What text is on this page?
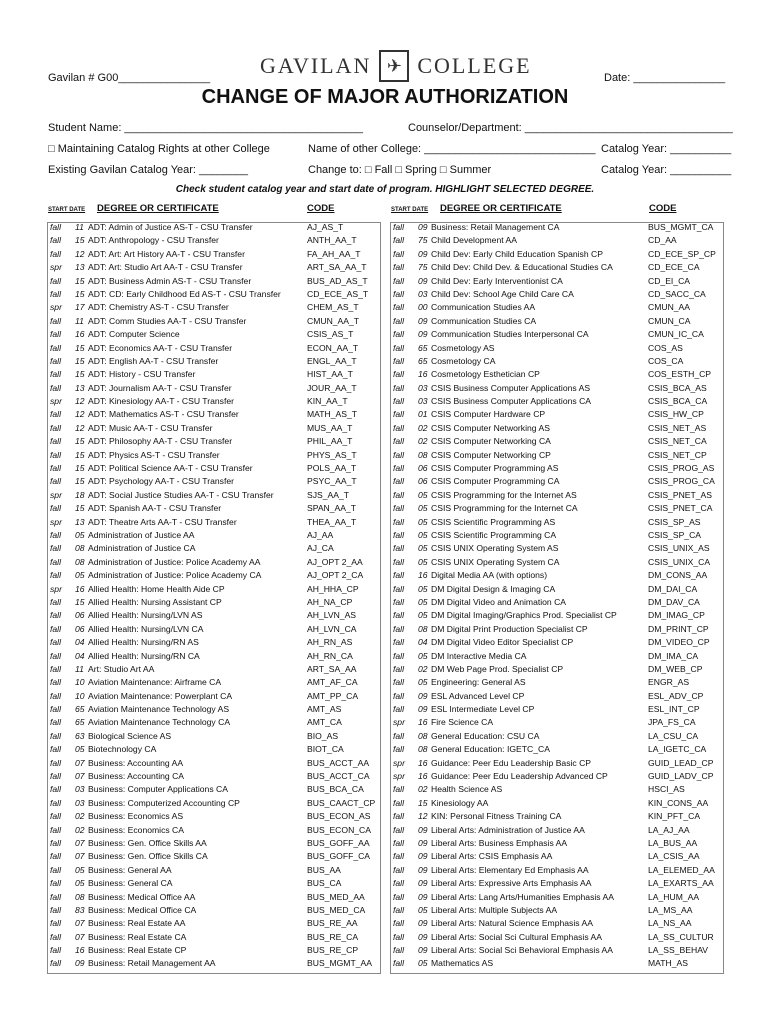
Gavilan # G00_______________ GAVILAN ✈ COLLEGE	Date: _______________
CHANGE OF MAJOR AUTHORIZATION
Student Name: _______________________________________	Counselor/Department: __________________________________
□ Maintaining Catalog Rights at other College	Name of other College: ____________________________ Catalog Year: __________
Existing Gavilan Catalog Year: ________	Change to: □ Fall □ Spring □ Summer	Catalog Year: __________
Check student catalog year and start date of program. HIGHLIGHT SELECTED DEGREE.
START DATE DEGREE OR CERTIFICATE	CODE	START DATE DEGREE OR CERTIFICATE	CODE
fall 11 ADT: Admin of Justice AS-T - CSU Transfer	AJ_AS_T
fall 15 ADT: Anthropology - CSU Transfer	ANTH_AA_T
fall 12 ADT: Art: Art History AA-T - CSU Transfer	FA_AH_AA_T
spr 13 ADT: Art: Studio Art AA-T - CSU Transfer	ART_SA_AA_T
fall 15 ADT: Business Admin AS-T - CSU Transfer	BUS_AD_AS_T
fall 15 ADT: CD: Early Childhood Ed AS-T - CSU Transfer	CD_ECE_AS_T
spr 17 ADT: Chemistry AS-T - CSU Transfer	CHEM_AS_T
fall 11 ADT: Comm Studies AA-T - CSU Transfer	CMUN_AA_T
fall 16 ADT: Computer Science	CSIS_AS_T
fall 15 ADT: Economics AA-T - CSU Transfer	ECON_AA_T
fall 15 ADT: English AA-T - CSU Transfer	ENGL_AA_T
fall 15 ADT: History - CSU Transfer	HIST_AA_T
fall 13 ADT: Journalism AA-T - CSU Transfer	JOUR_AA_T
spr 12 ADT: Kinesiology AA-T - CSU Transfer	KIN_AA_T
fall 12 ADT: Mathematics AS-T - CSU Transfer	MATH_AS_T
fall 12 ADT: Music AA-T - CSU Transfer	MUS_AA_T
fall 15 ADT: Philosophy AA-T - CSU Transfer	PHIL_AA_T
fall 15 ADT: Physics AS-T - CSU Transfer	PHYS_AS_T
fall 15 ADT: Political Science AA-T - CSU Transfer	POLS_AA_T
fall 15 ADT: Psychology AA-T - CSU Transfer	PSYC_AA_T
spr 18 ADT: Social Justice Studies AA-T - CSU Transfer	SJS_AA_T
fall 15 ADT: Spanish AA-T - CSU Transfer	SPAN_AA_T
spr 13 ADT: Theatre Arts AA-T - CSU Transfer	THEA_AA_T
fall 05 Administration of Justice AA	AJ_AA
fall 08 Administration of Justice CA	AJ_CA
fall 08 Administration of Justice: Police Academy AA	AJ_OPT 2_AA
fall 05 Administration of Justice: Police Academy CA	AJ_OPT 2_CA
spr 16 Allied Health: Home Health Aide CP	AH_HHA_CP
fall 15 Allied Health: Nursing Assistant CP	AH_NA_CP
fall 06 Allied Health: Nursing/LVN AS	AH_LVN_AS
fall 06 Allied Health: Nursing/LVN CA	AH_LVN_CA
fall 04 Allied Health: Nursing/RN AS	AH_RN_AS
fall 04 Allied Health: Nursing/RN CA	AH_RN_CA
fall 11 Art: Studio Art AA	ART_SA_AA
fall 10 Aviation Maintenance: Airframe CA	AMT_AF_CA
fall 10 Aviation Maintenance: Powerplant CA	AMT_PP_CA
fall 65 Aviation Maintenance Technology AS	AMT_AS
fall 65 Aviation Maintenance Technology CA	AMT_CA
fall 63 Biological Science AS	BIO_AS
fall 05 Biotechnology CA	BIOT_CA
fall 07 Business: Accounting AA	BUS_ACCT_AA
fall 07 Business: Accounting CA	BUS_ACCT_CA
fall 03 Business: Computer Applications CA	BUS_BCA_CA
fall 03 Business: Computerized Accounting CP	BUS_CAACT_CP
fall 02 Business: Economics AS	BUS_ECON_AS
fall 02 Business: Economics CA	BUS_ECON_CA
fall 07 Business: Gen. Office Skills AA	BUS_GOFF_AA
fall 07 Business: Gen. Office Skills CA	BUS_GOFF_CA
fall 05 Business: General AA	BUS_AA
fall 05 Business: General CA	BUS_CA
fall 08 Business: Medical Office AA	BUS_MED_AA
fall 83 Business: Medical Office CA	BUS_MED_CA
fall 07 Business: Real Estate AA	BUS_RE_AA
fall 07 Business: Real Estate CA	BUS_RE_CA
fall 16 Business: Real Estate CP	BUS_RE_CP
fall 09 Business: Retail Management AA	BUS_MGMT_AA
fall 09 Business: Retail Management CA	BUS_MGMT_CA
fall 75 Child Development AA	CD_AA
fall 09 Child Dev: Early Child Education Spanish CP	CD_ECE_SP_CP
fall 75 Child Dev: Child Dev. & Educational Studies CA	CD_ECE_CA
fall 09 Child Dev: Early Interventionist CA	CD_EI_CA
fall 03 Child Dev: School Age Child Care CA	CD_SACC_CA
fall 00 Communication Studies AA	CMUN_AA
fall 09 Communication Studies CA	CMUN_CA
fall 09 Communication Studies Interpersonal CA	CMUN_IC_CA
fall 65 Cosmetology AS	COS_AS
fall 65 Cosmetology CA	COS_CA
fall 16 Cosmetology Esthetician CP	COS_ESTH_CP
fall 03 CSIS Business Computer Applications AS	CSIS_BCA_AS
fall 03 CSIS Business Computer Applications CA	CSIS_BCA_CA
fall 01 CSIS Computer Hardware CP	CSIS_HW_CP
fall 02 CSIS Computer Networking AS	CSIS_NET_AS
fall 02 CSIS Computer Networking CA	CSIS_NET_CA
fall 08 CSIS Computer Networking CP	CSIS_NET_CP
fall 06 CSIS Computer Programming AS	CSIS_PROG_AS
fall 06 CSIS Computer Programming CA	CSIS_PROG_CA
fall 05 CSIS Programming for the Internet AS	CSIS_PNET_AS
fall 05 CSIS Programming for the Internet CA	CSIS_PNET_CA
fall 05 CSIS Scientific Programming AS	CSIS_SP_AS
fall 05 CSIS Scientific Programming CA	CSIS_SP_CA
fall 05 CSIS UNIX Operating System AS	CSIS_UNIX_AS
fall 05 CSIS UNIX Operating System CA	CSIS_UNIX_CA
fall 16 Digital Media AA (with options)	DM_CONS_AA
fall 05 DM Digital Design & Imaging CA	DM_DAI_CA
fall 05 DM Digital Video and Animation CA	DM_DAV_CA
fall 05 DM Digital Imaging/Graphics Prod. Specialist CP	DM_IMAG_CP
fall 08 DM Digital Print Production Specialist CP	DM_PRINT_CP
fall 04 DM Digital Video Editor Specialist CP	DM_VIDEO_CP
fall 05 DM Interactive Media CA	DM_IMA_CA
fall 02 DM Web Page Prod. Specialist CP	DM_WEB_CP
fall 05 Engineering: General AS	ENGR_AS
fall 09 ESL Advanced Level CP	ESL_ADV_CP
fall 09 ESL Intermediate Level CP	ESL_INT_CP
spr 16 Fire Science CA	JPA_FS_CA
fall 08 General Education: CSU CA	LA_CSU_CA
fall 08 General Education: IGETC_CA	LA_IGETC_CA
spr 16 Guidance: Peer Edu Leadership Basic CP	GUID_LEAD_CP
spr 16 Guidance: Peer Edu Leadership Advanced CP	GUID_LADV_CP
fall 02 Health Science AS	HSCI_AS
fall 15 Kinesiology AA	KIN_CONS_AA
fall 12 KIN: Personal Fitness Training CA	KIN_PFT_CA
fall 09 Liberal Arts: Administration of Justice AA	LA_AJ_AA
fall 09 Liberal Arts: Business Emphasis AA	LA_BUS_AA
fall 09 Liberal Arts: CSIS Emphasis AA	LA_CSIS_AA
fall 09 Liberal Arts: Elementary Ed Emphasis AA	LA_ELEMED_AA
fall 09 Liberal Arts: Expressive Arts Emphasis AA	LA_EXARTS_AA
fall 09 Liberal Arts: Lang Arts/Humanities Emphasis AA	LA_HUM_AA
fall 05 Liberal Arts: Multiple Subjects AA	LA_MS_AA
fall 09 Liberal Arts: Natural Science Emphasis AA	LA_NS_AA
fall 09 Liberal Arts: Social Sci Cultural Emphasis AA	LA_SS_CULTUR
fall 09 Liberal Arts: Social Sci Behavioral Emphasis AA	LA_SS_BEHAV
fall 05 Mathematics AS	MATH_AS
